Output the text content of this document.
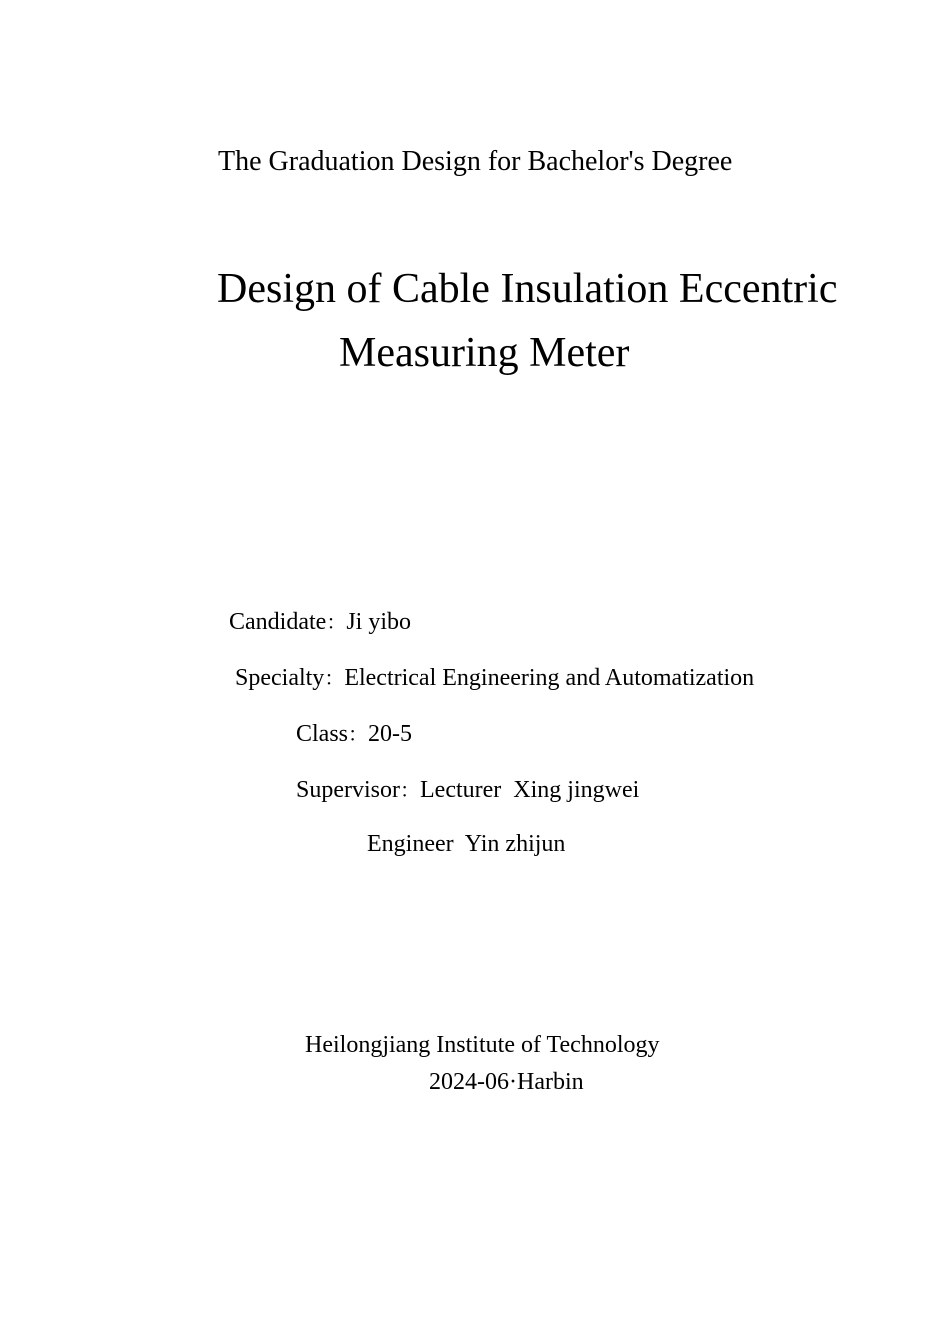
The Graduation Design for Bachelor's Degree
Design of Cable Insulation Eccentric
Measuring Meter
Candidate：Ji yibo
Specialty：Electrical Engineering and Automatization
Class：20-5
Supervisor：Lecturer  Xing jingwei
Engineer  Yin zhijun
Heilongjiang Institute of Technology
2024-06·Harbin
